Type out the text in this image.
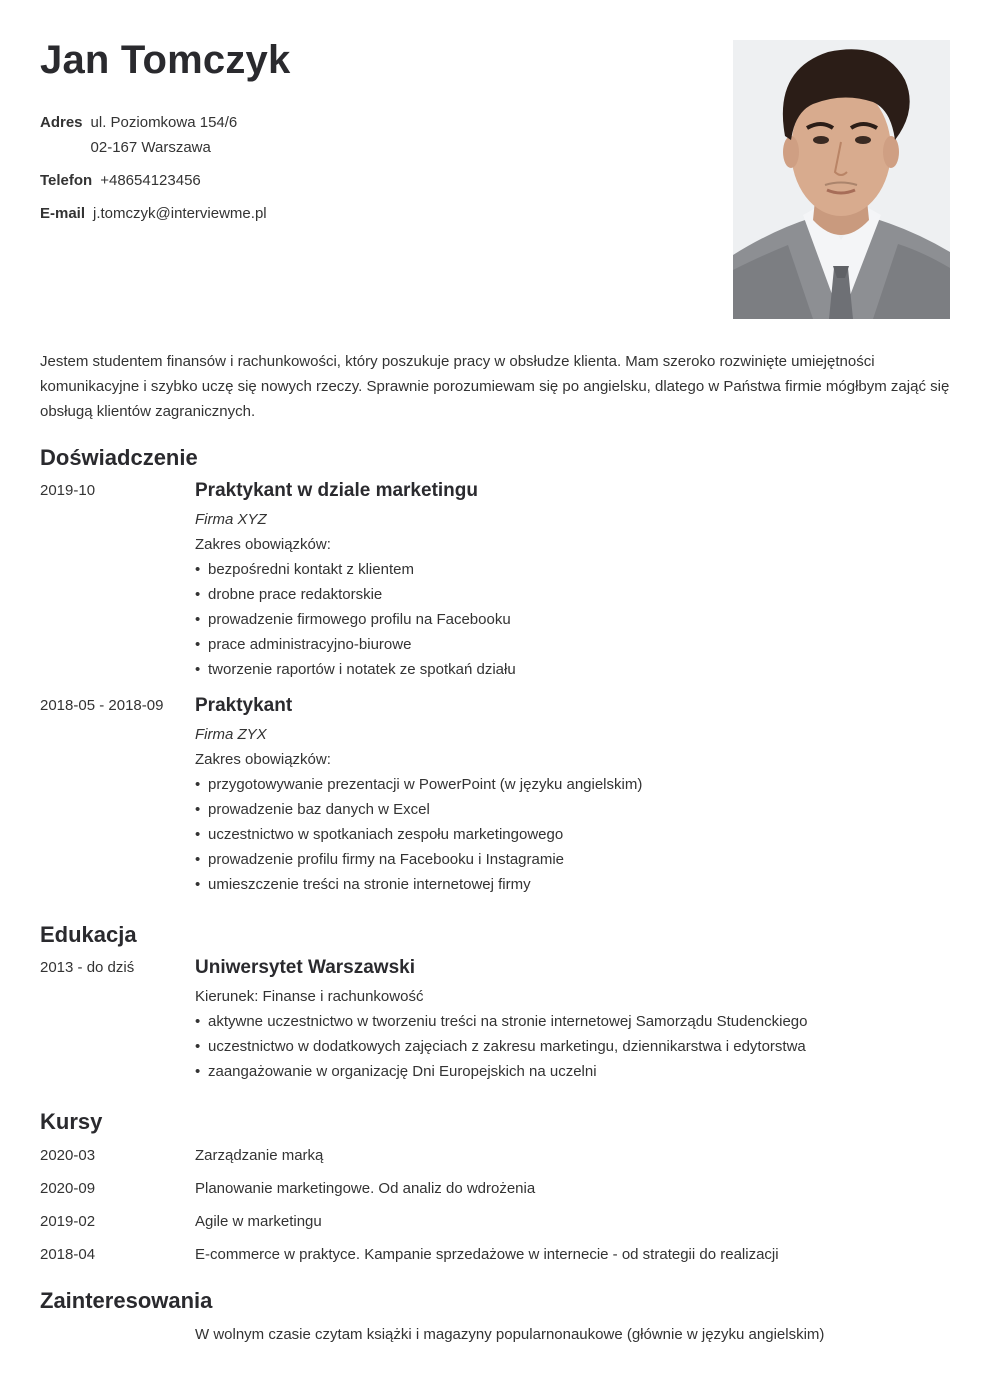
Jan Tomczyk
Adres ul. Poziomkowa 154/6
02-167 Warszawa
Telefon +48654123456
E-mail j.tomczyk@interviewme.pl

Jestem studentem finansów i rachunkowości, który poszukuje pracy w obsłudze klienta. Mam szeroko rozwinięte umiejętności komunikacyjne i szybko uczę się nowych rzeczy. Sprawnie porozumiewam się po angielsku, dlatego w Państwa firmie mógłbym zająć się obsługą klientów zagranicznych.

Doświadczenie
2019-10	Praktykant w dziale marketingu
Firma XYZ
Zakres obowiązków:
• bezpośredni kontakt z klientem
• drobne prace redaktorskie
• prowadzenie firmowego profilu na Facebooku
• prace administracyjno-biurowe
• tworzenie raportów i notatek ze spotkań działu
2018-05 - 2018-09 Praktykant
Firma ZYX
Zakres obowiązków:
• przygotowywanie prezentacji w PowerPoint (w języku angielskim)
• prowadzenie baz danych w Excel
• uczestnictwo w spotkaniach zespołu marketingowego
• prowadzenie profilu firmy na Facebooku i Instagramie
• umieszczenie treści na stronie internetowej firmy
Edukacja
2013 - do dziś	Uniwersytet Warszawski
Kierunek: Finanse i rachunkowość
• aktywne uczestnictwo w tworzeniu treści na stronie internetowej Samorządu Studenckiego
• uczestnictwo w dodatkowych zajęciach z zakresu marketingu, dziennikarstwa i edytorstwa
• zaangażowanie w organizację Dni Europejskich na uczelni
Kursy
2020-03	Zarządzanie marką
2020-09	Planowanie marketingowe. Od analiz do wdrożenia
2019-02	Agile w marketingu
2018-04	E-commerce w praktyce. Kampanie sprzedażowe w internecie - od strategii do realizacji
Zainteresowania
W wolnym czasie czytam książki i magazyny popularnonaukowe (głównie w języku angielskim)
